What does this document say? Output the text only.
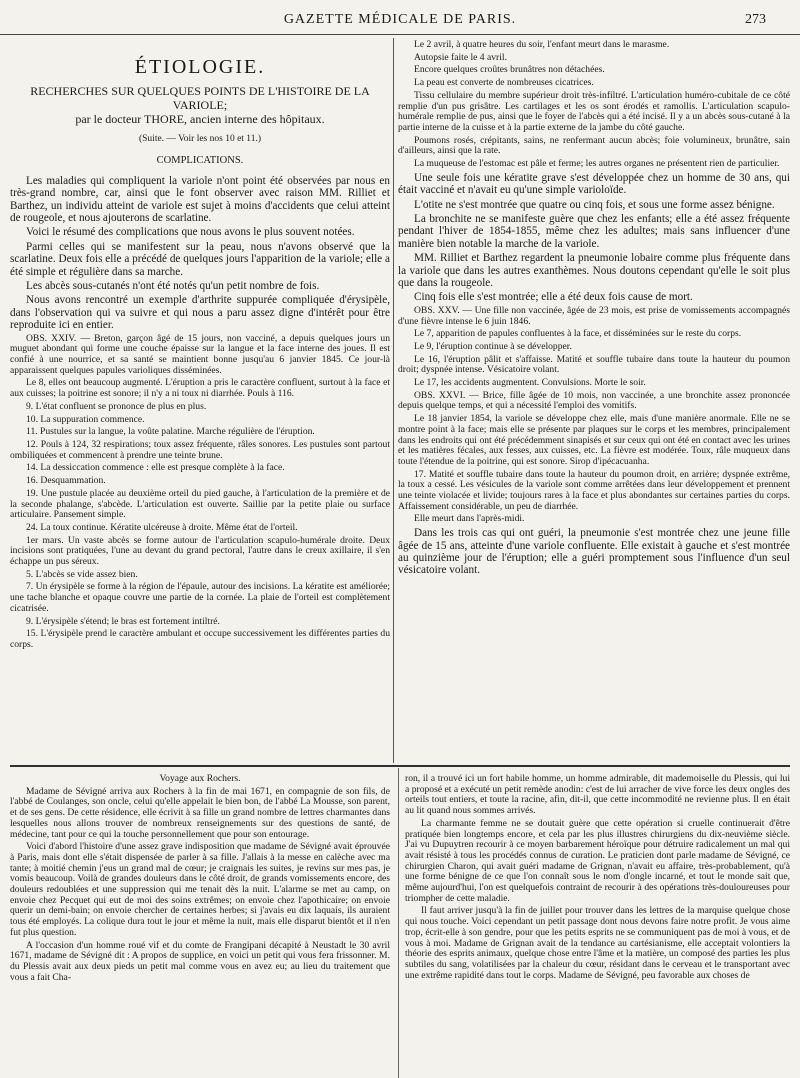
GAZETTE MÉDICALE DE PARIS.	273
ÉTIOLOGIE.
RECHERCHES SUR QUELQUES POINTS DE L'HISTOIRE DE LA VARIOLE;
par le docteur THORE, ancien interne des hôpitaux.
(Suite. — Voir les nos 10 et 11.)
COMPLICATIONS.

Les maladies qui compliquent la variole n'ont point été observées par nous en très-grand nombre, car, ainsi que le font observer avec raison MM. Rilliet et Barthez, un individu atteint de variole est sujet à moins d'accidents que celui atteint de rougeole, et nous ajouterons de scarlatine.

Voici le résumé des complications que nous avons le plus souvent notées.

Parmi celles qui se manifestent sur la peau, nous n'avons observé que la scarlatine. Deux fois elle a précédé de quelques jours l'apparition de la variole; elle a été simple et régulière dans sa marche.

Les abcès sous-cutanés n'ont été notés qu'un petit nombre de fois.

Nous avons rencontré un exemple d'arthrite suppurée compliquée d'érysipèle, dans l'observation qui va suivre et qui nous a paru assez digne d'intérêt pour être reproduite ici en entier.

OBS. XXIV. — Breton, garçon âgé de 15 jours, non vacciné, a depuis quelques jours un muguet abondant qui forme une couche épaisse sur la langue et la face interne des joues. Il est confié à une nourrice, et sa santé se maintient bonne jusqu'au 6 janvier 1845. Ce jour-là apparaissent quelques papules varioliques disséminées.

Le 8, elles ont beaucoup augmenté. L'éruption a pris le caractère confluent, surtout à la face et aux cuisses; la poitrine est sonore; il n'y a ni toux ni diarrhée. Pouls à 116.

9. L'état confluent se prononce de plus en plus.

10. La suppuration commence.

11. Pustules sur la langue, la voûte palatine. Marche régulière de l'éruption.

12. Pouls à 124, 32 respirations; toux assez fréquente, râles sonores. Les pustules sont partout ombiliquées et commencent à prendre une teinte brune.

14. La dessiccation commence : elle est presque complète à la face.

16. Desquammation.

19. Une pustule placée au deuxième orteil du pied gauche, à l'articulation de la première et de la seconde phalange, s'abcède. L'articulation est ouverte. Saillie par la petite plaie ou surface articulaire. Pansement simple.

24. La toux continue. Kératite ulcéreuse à droite. Même état de l'orteil.

1er mars. Un vaste abcès se forme autour de l'articulation scapulo-humérale droite. Deux incisions sont pratiquées, l'une au devant du grand pectoral, l'autre dans le creux axillaire, il s'en échappe un pus séreux.

5. L'abcès se vide assez bien.

7. Un érysipèle se forme à la région de l'épaule, autour des incisions. La kératite est améliorée; une tache blanche et opaque couvre une partie de la cornée. La plaie de l'orteil est complètement cicatrisée.

9. L'érysipèle s'étend; le bras est fortement intiltré.

15. L'érysipèle prend le caractère ambulant et occupe successivement les différentes parties du corps.

Le 2 avril, à quatre heures du soir, l'enfant meurt dans le marasme.

Autopsie faite le 4 avril.

Encore quelques croûtes brunâtres non détachées.

La peau est converte de nombreuses cicatrices.

Tissu cellulaire du membre supérieur droit très-infiltré. L'articulation huméro-cubitale de ce côté remplie d'un pus grisâtre. Les cartilages et les os sont érodés et ramollis. L'articulation scapulo-humérale remplie de pus, ainsi que le foyer de l'abcès qui a été incisé. Il y a un abcès sous-cutané à la partie interne de la cuisse et à la partie externe de la jambe du côté gauche.

Poumons rosés, crépitants, sains, ne renfermant aucun abcès; foie volumineux, brunâtre, sain d'ailleurs, ainsi que la rate.

La muqueuse de l'estomac est pâle et ferme; les autres organes ne présentent rien de particulier.

Une seule fois une kératite grave s'est développée chez un homme de 30 ans, qui était vacciné et n'avait eu qu'une simple varioloïde.

L'otite ne s'est montrée que quatre ou cinq fois, et sous une forme assez bénigne.

La bronchite ne se manifeste guère que chez les enfants; elle a été assez fréquente pendant l'hiver de 1854-1855, même chez les adultes; mais sans influencer d'une manière bien notable la marche de la variole.

MM. Rilliet et Barthez regardent la pneumonie lobaire comme plus fréquente dans la variole que dans les autres exanthèmes. Nous doutons cependant qu'elle le soit plus que dans la rougeole.

Cinq fois elle s'est montrée; elle a été deux fois cause de mort.

OBS. XXV. — Une fille non vaccinée, âgée de 23 mois, est prise de vomissements accompagnés d'une fièvre intense le 6 juin 1846.

Le 7, apparition de papules confluentes à la face, et disséminées sur le reste du corps.

Le 9, l'éruption continue à se développer.

Le 16, l'éruption pâlit et s'affaisse. Matité et souffle tubaire dans toute la hauteur du poumon droit; dyspnée intense. Vésicatoire volant.

Le 17, les accidents augmentent. Convulsions. Morte le soir.

OBS. XXVI. — Brice, fille âgée de 10 mois, non vaccinée, a une bronchite assez prononcée depuis quelque temps, et qui a nécessité l'emploi des vomitifs.

Le 18 janvier 1854, la variole se développe chez elle, mais d'une manière anormale. Elle ne se montre point à la face; mais elle se présente par plaques sur le corps et les membres, principalement dans les endroits qui ont été précédemment sinapisés et sur ceux qui ont été en contact avec les urines et les matières fécales, aux fesses, aux cuisses, etc. La fièvre est modérée. Toux, râle muqueux dans toute l'étendue de la poitrine, qui est sonore. Sirop d'ipécacuanha.

17. Matité et souffle tubaire dans toute la hauteur du poumon droit, en arrière; dyspnée extrême, la toux a cessé. Les vésicules de la variole sont comme arrêtées dans leur développement et prennent une teinte violacée et livide; toujours rares à la face et plus abondantes sur certaines parties du corps. Affaissement considérable, un peu de diarrhée.

Elle meurt dans l'après-midi.

Dans les trois cas qui ont guéri, la pneumonie s'est montrée chez une jeune fille âgée de 15 ans, atteinte d'une variole confluente. Elle existait à gauche et s'est montrée au quinzième jour de l'éruption; elle a guéri promptement sous l'influence d'un seul vésicatoire volant.

Voyage aux Rochers.

Madame de Sévigné arriva aux Rochers à la fin de mai 1671, en compagnie de son fils, de l'abbé de Coulanges, son oncle, celui qu'elle appelait le bien bon, de l'abbé La Mousse, son parent, et de ses gens. De cette résidence, elle écrivit à sa fille un grand nombre de lettres charmantes dans lesquelles nous allons trouver de nombreux renseignements sur des questions de santé, de médecine, tant pour ce qui la touche personnellement que pour son entourage.

Voici d'abord l'histoire d'une assez grave indisposition que madame de Sévigné avait éprouvée à Paris, mais dont elle s'était dispensée de parler à sa fille. J'allais à la messe en calèche avec ma tante; à moitié chemin j'eus un grand mal de cœur; je craignais les suites, je revins sur mes pas, je vomis beaucoup. Voilà de grandes douleurs dans le côté droit, de grands vomissements encore, des douleurs redoublées et une suppression qui me tenait dès la nuit. L'alarme se met au camp, on envoie chez Pecquet qui eut de moi des soins extrêmes; on envoie chez l'apothicaire; on envoie querir un demi-bain; on envoie chercher de certaines herbes; si j'avais eu dix laquais, ils auraient tous été employés. La colique dura tout le jour et même la nuit, mais elle disparut bientôt et il n'en fut plus question.

A l'occasion d'un homme roué vif et du comte de Frangipani décapité à Neustadt le 30 avril 1671, madame de Sévigné dit : A propos de supplice, en voici un petit qui vous fera frissonner. M. du Plessis avait aux deux pieds un petit mal comme vous en avez eu; au lieu du traitement que vous a fait Cha-

ron, il a trouvé ici un fort habile homme, un homme admirable, dit mademoiselle du Plessis, qui lui a proposé et a exécuté un petit remède anodin: c'est de lui arracher de vive force les deux ongles des orteils tout entiers, et toute la racine, afin, dit-il, que cette incommodité ne revienne plus. Il en était au lit quand nous sommes arrivés.

La charmante femme ne se doutait guère que cette opération si cruelle continuerait d'être pratiquée bien longtemps encore, et cela par les plus illustres chirurgiens du dix-neuvième siècle. J'ai vu Dupuytren recourir à ce moyen barbarement héroïque pour détruire radicalement un mal qui avait résisté à tous les procédés connus de curation. Le praticien dont parle madame de Sévigné, ce chirurgien Charon, qui avait guéri madame de Grignan, n'avait eu affaire, très-probablement, qu'à une forme bénigne de ce que l'on connaît sous le nom d'ongle incarné, et tout le monde sait que, même aujourd'hui, l'on est quelquefois contraint de recourir à des opérations très-douloureuses pour triompher de cette maladie.

Il faut arriver jusqu'à la fin de juillet pour trouver dans les lettres de la marquise quelque chose qui nous touche. Voici cependant un petit passage dont nous devons faire notre profit. Je vous aime trop, écrit-elle à son gendre, pour que les petits esprits ne se communiquent pas de moi à vous, et de vous à moi. Madame de Grignan avait de la tendance au cartésianisme, elle acceptait volontiers la théorie des esprits animaux, quelque chose entre l'âme et la matière, un composé des parties les plus subtiles du sang, volatilisées par la chaleur du cœur, résidant dans le cerveau et le transportant avec une extrême rapidité dans tout le corps. Madame de Sévigné, peu favorable aux choses de
